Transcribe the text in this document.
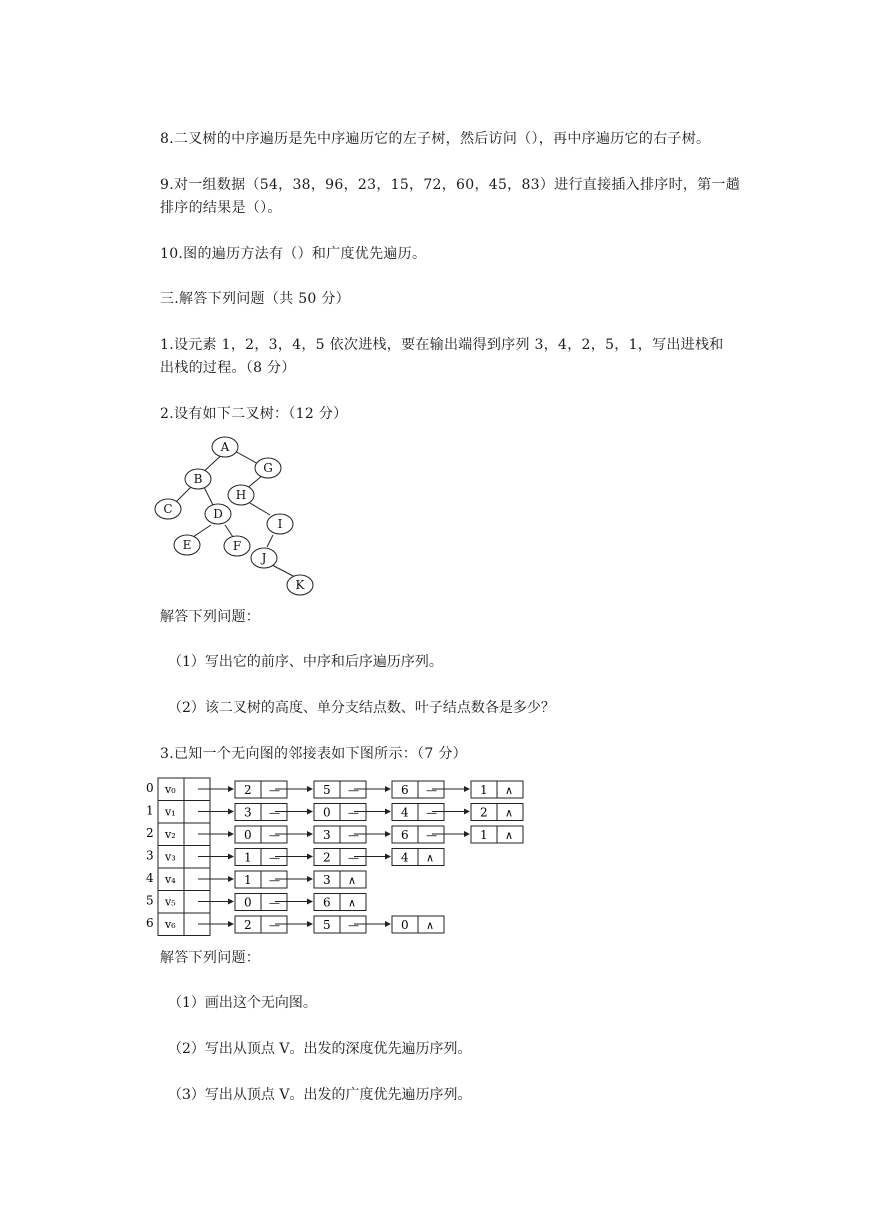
8.二叉树的中序遍历是先中序遍历它的左子树，然后访问（），再中序遍历它的右子树。
9.对一组数据（54，38，96，23，15，72，60，45，83）进行直接插入排序时，第一趟
排序的结果是（）。
10.图的遍历方法有（）和广度优先遍历。
三.解答下列问题（共 50 分）
1.设元素 1，2，3，4，5 依次进栈，要在输出端得到序列 3，4，2，5，1，写出进栈和
出栈的过程。（8 分）
2.设有如下二叉树：（12 分）
A
B
G
C	D
H
E	F
I
J
K
解答下列问题：
（1）写出它的前序、中序和后序遍历序列。
（2）该二叉树的高度、单分支结点数、叶子结点数各是多少？
3.已知一个无向图的邻接表如下图所示：（7 分）
0 v₀	2 —	5 —	6 —	1 ∧
1 v₁	3 —	0 —	4 —	2 ∧
2 v₂	0 —	3 —	6 —	1 ∧
3 v₃	1 —	2 —	4 ∧
4 v₄	1 —	3 ∧
5 v₅	0 —	6 ∧
6 v₆	2 —	5 —	0 ∧
解答下列问题：
（1）画出这个无向图。
（2）写出从顶点 V。出发的深度优先遍历序列。
（3）写出从顶点 V。出发的广度优先遍历序列。
